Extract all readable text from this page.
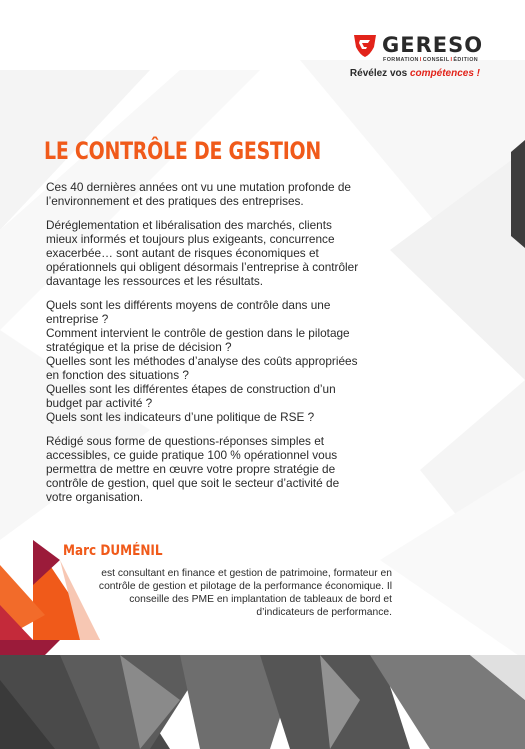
GERESO
FORMATIONICONSEILIÉDITION
Révélez vos compétences !
LE CONTRÔLE DE GESTION

Ces 40 dernières années ont vu une mutation profonde de l’environnement et des pratiques des entreprises.

Déréglementation et libéralisation des marchés, clients mieux informés et toujours plus exigeants, concurrence exacerbée… sont autant de risques économiques et opérationnels qui obligent désormais l’entreprise à contrôler davantage les ressources et les résultats.

Quels sont les différents moyens de contrôle dans une entreprise ?
Comment intervient le contrôle de gestion dans le pilotage stratégique et la prise de décision ?
Quelles sont les méthodes d’analyse des coûts appropriées en fonction des situations ?
Quelles sont les différentes étapes de construction d’un budget par activité ?
Quels sont les indicateurs d’une politique de RSE ?

Rédigé sous forme de questions-réponses simples et accessibles, ce guide pratique 100 % opérationnel vous permettra de mettre en œuvre votre propre stratégie de contrôle de gestion, quel que soit le secteur d’activité de votre organisation.

Marc DUMÉNIL

est consultant en finance et gestion de patrimoine, formateur en contrôle de gestion et pilotage de la performance économique. Il conseille des PME en implantation de tableaux de bord et d’indicateurs de performance.
